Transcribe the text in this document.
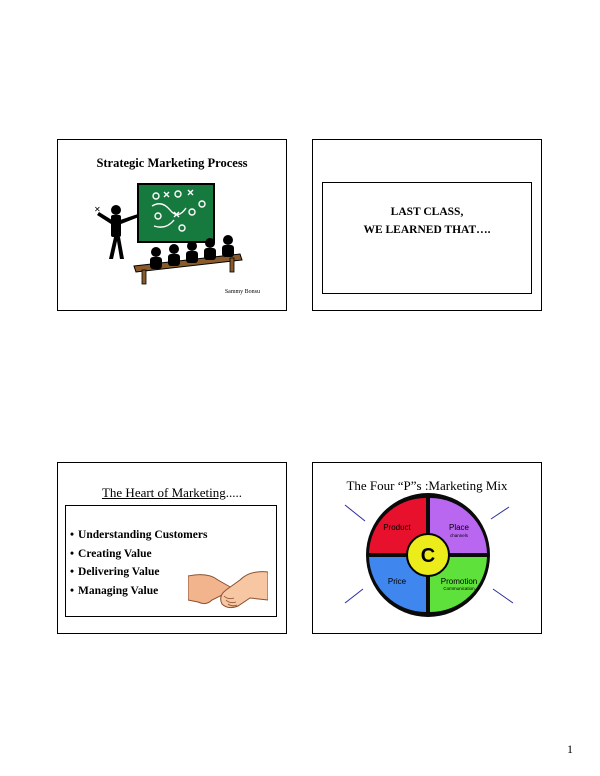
Strategic Marketing Process
✕
Sammy Bonsu
LAST CLASS,
WE LEARNED THAT….
The Heart of Marketing.....
• Understanding Customers
• Creating Value
• Delivering Value
• Managing Value
The Four “P”s :Marketing Mix
C
Product	Place
channels
Price	Promotion
Communication
1
